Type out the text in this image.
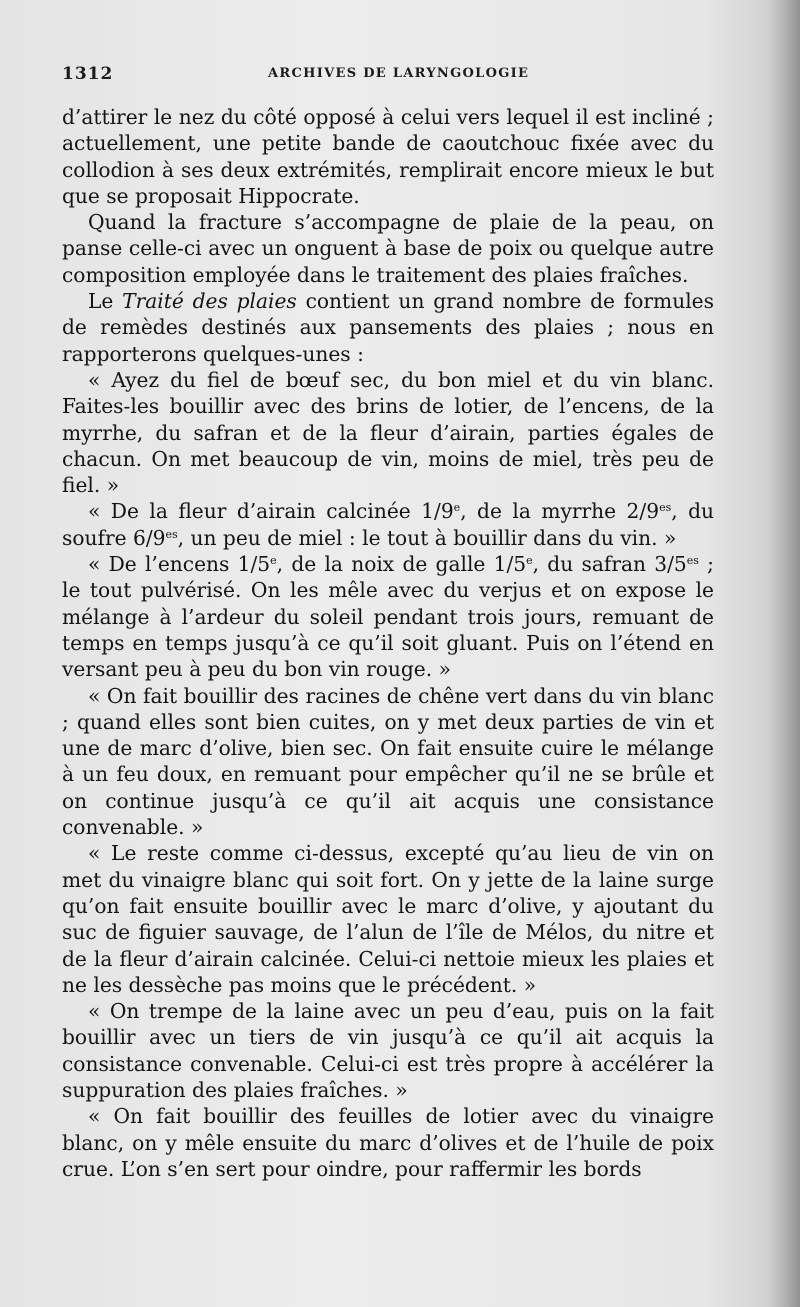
1312	ARCHIVES DE LARYNGOLOGIE

d’attirer le nez du côté opposé à celui vers lequel il est incliné ; actuellement, une petite bande de caoutchouc fixée avec du collodion à ses deux extrémités, remplirait encore mieux le but que se proposait Hippocrate.

Quand la fracture s’accompagne de plaie de la peau, on panse celle-ci avec un onguent à base de poix ou quelque autre composition employée dans le traitement des plaies fraîches.

Le Traité des plaies contient un grand nombre de formules de remèdes destinés aux pansements des plaies ; nous en rapporterons quelques-unes :

« Ayez du fiel de bœuf sec, du bon miel et du vin blanc. Faites-les bouillir avec des brins de lotier, de l’encens, de la myrrhe, du safran et de la fleur d’airain, parties égales de chacun. On met beaucoup de vin, moins de miel, très peu de fiel. »

« De la fleur d’airain calcinée 1/9e, de la myrrhe $2/9^{es}$, du soufre $6/9^{es}$, un peu de miel : le tout à bouillir dans du vin. »

« De l’encens 1/5e, de la noix de galle 1/5e, du safran $3/5^{es}$ ; le tout pulvérisé. On les mêle avec du verjus et on expose le mélange à l’ardeur du soleil pendant trois jours, remuant de temps en temps jusqu’à ce qu’il soit gluant. Puis on l’étend en versant peu à peu du bon vin rouge. »

« On fait bouillir des racines de chêne vert dans du vin blanc ; quand elles sont bien cuites, on y met deux parties de vin et une de marc d’olive, bien sec. On fait ensuite cuire le mélange à un feu doux, en remuant pour empêcher qu’il ne se brûle et on continue jusqu’à ce qu’il ait acquis une consistance convenable. »

« Le reste comme ci-dessus, excepté qu’au lieu de vin on met du vinaigre blanc qui soit fort. On y jette de la laine surge qu’on fait ensuite bouillir avec le marc d’olive, y ajoutant du suc de figuier sauvage, de l’alun de l’île de Mélos, du nitre et de la fleur d’airain calcinée. Celui-ci nettoie mieux les plaies et ne les dessèche pas moins que le précédent. »

« On trempe de la laine avec un peu d’eau, puis on la fait bouillir avec un tiers de vin jusqu’à ce qu’il ait acquis la consistance convenable. Celui-ci est très propre à accélérer la suppuration des plaies fraîches. »

« On fait bouillir des feuilles de lotier avec du vinaigre blanc, on y mêle ensuite du marc d’olives et de l’huile de poix crue. L’on s’en sert pour oindre, pour raffermir les bords
